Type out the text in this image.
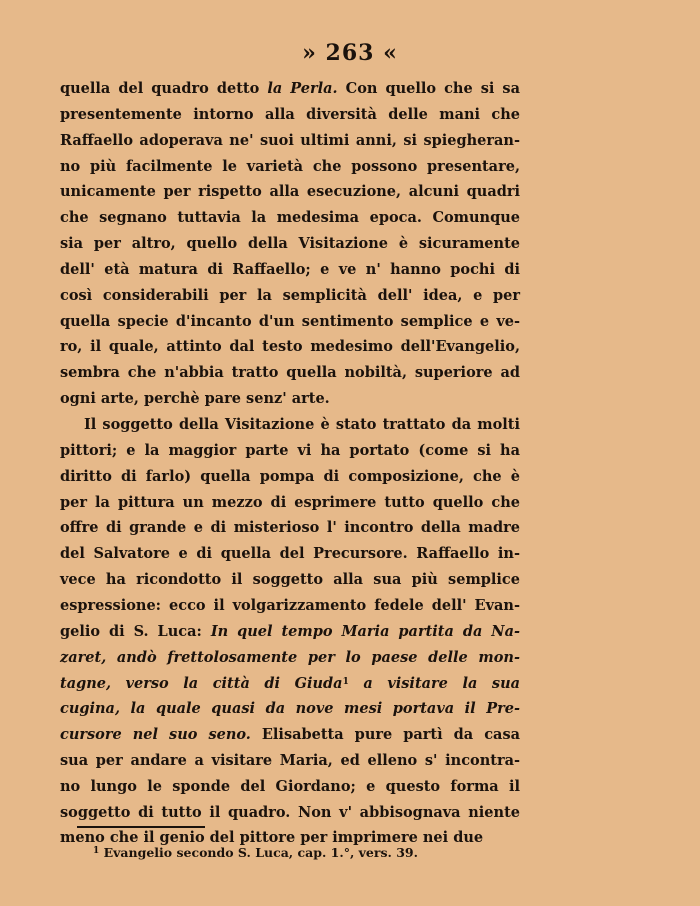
» 263 «
quella del quadro detto la Perla. Con quello che si sa
presentemente intorno alla diversità delle mani che
Raffaello adoperava ne' suoi ultimi anni, si spiegheran-
no più facilmente le varietà che possono presentare,
unicamente per rispetto alla esecuzione, alcuni quadri
che segnano tuttavia la medesima epoca. Comunque
sia per altro, quello della Visitazione è sicuramente
dell' età matura di Raffaello; e ve n' hanno pochi di
così considerabili per la semplicità dell' idea, e per
quella specie d'incanto d'un sentimento semplice e ve-
ro, il quale, attinto dal testo medesimo dell'Evangelio,
sembra che n'abbia tratto quella nobiltà, superiore ad
ogni arte, perchè pare senz' arte.
Il soggetto della Visitazione è stato trattato da molti
pittori; e la maggior parte vi ha portato (come si ha
diritto di farlo) quella pompa di composizione, che è
per la pittura un mezzo di esprimere tutto quello che
offre di grande e di misterioso l' incontro della madre
del Salvatore e di quella del Precursore. Raffaello in-
vece ha ricondotto il soggetto alla sua più semplice
espressione: ecco il volgarizzamento fedele dell' Evan-
gelio di S. Luca: In quel tempo Maria partita da Na-
zaret, andò frettolosamente per lo paese delle mon-
tagne, verso la città di Giuda$^1$ a visitare la sua
cugina, la quale quasi da nove mesi portava il Pre-
cursore nel suo seno. Elisabetta pure partì da casa
sua per andare a visitare Maria, ed elleno s' incontra-
no lungo le sponde del Giordano; e questo forma il
soggetto di tutto il quadro. Non v' abbisognava niente
meno che il genio del pittore per imprimere nei due
$^1$ Evangelio secondo S. Luca, cap. 1.°, vers. 39.
